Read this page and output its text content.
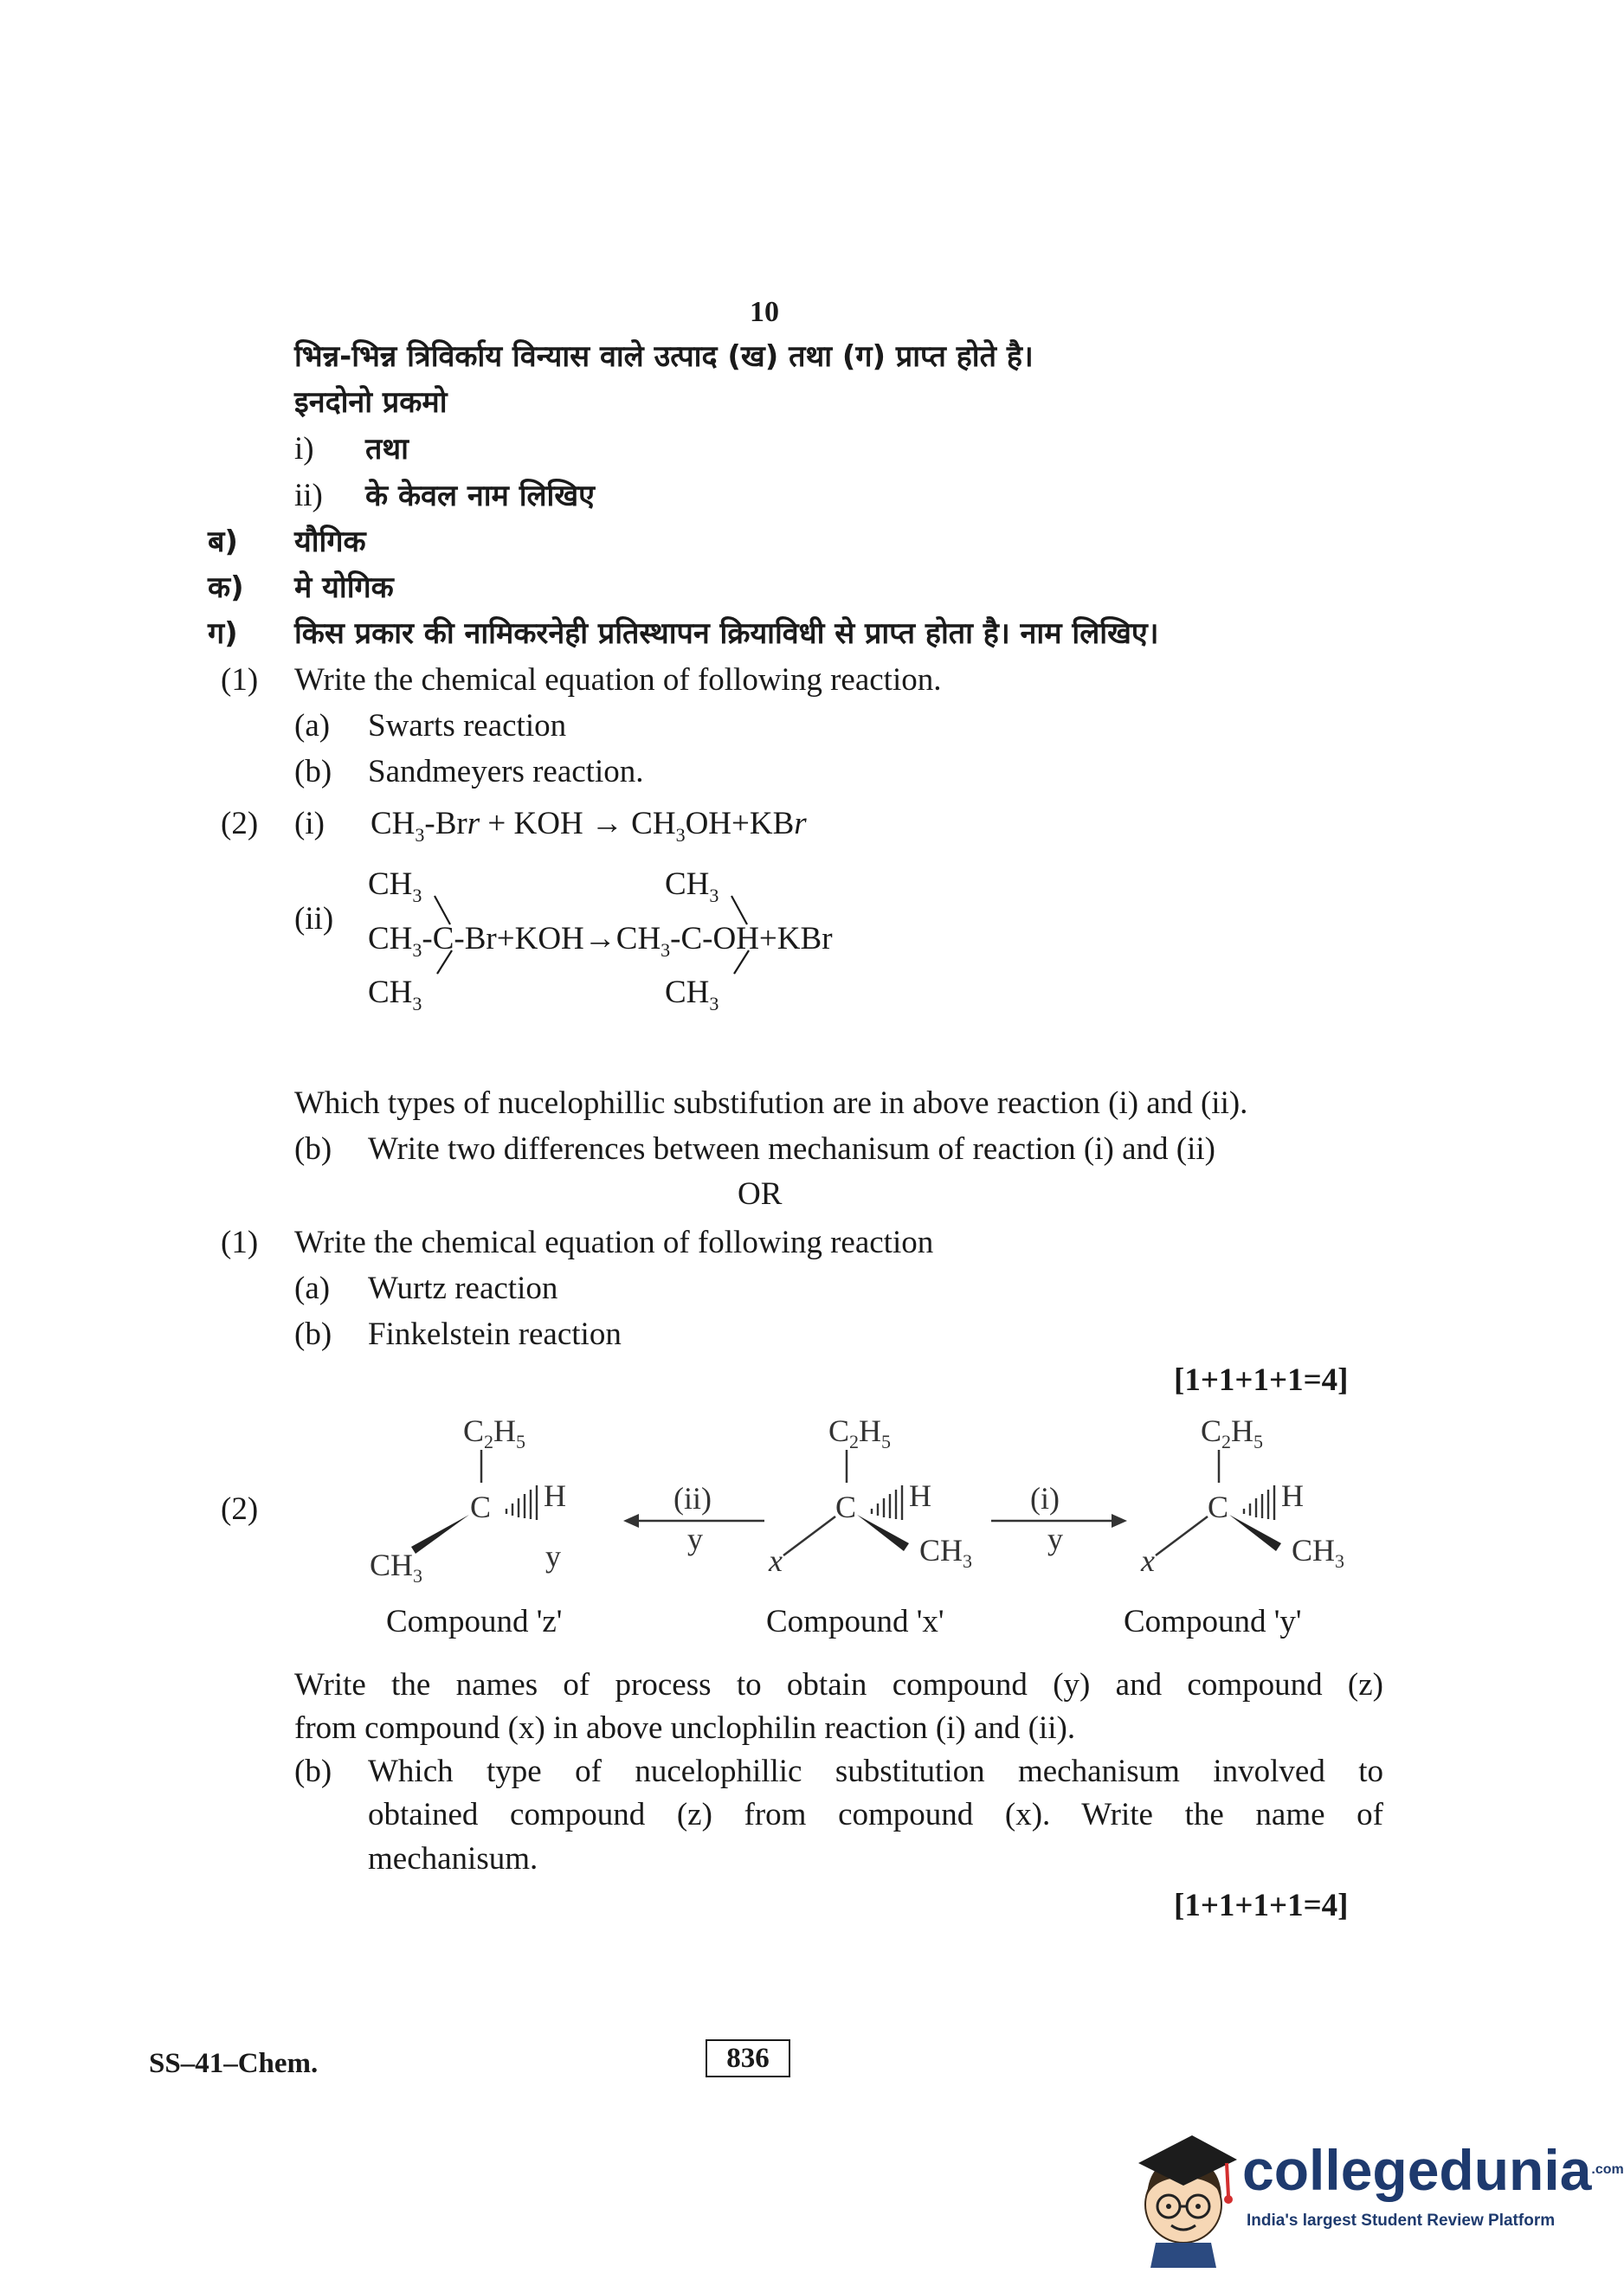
10
भिन्न-भिन्न त्रिविर्काय विन्यास वाले उत्पाद (ख) तथा (ग) प्राप्त होते है।
इनदोनो प्रकमो
i) तथा
ii) के केवल नाम लिखिए
ब) यौगिक
क) मे योगिक
ग) किस प्रकार की नामिकरनेही प्रतिस्थापन क्रियाविधी से प्राप्त होता है। नाम लिखिए।
(1) Write the chemical equation of following reaction.
(a) Swarts reaction
(b) Sandmeyers reaction.
(2) (i) $CH_3$-Brr + KOH → $CH_3OH+KBr$
(ii)
$CH_3$
$CH_3-C-Br+KOH\to CH_3-C-OH+KBr$
$CH_3$
$CH_3$
$CH_3$
Which types of nucelophillic substifution are in above reaction (i) and (ii).
(b) Write two differences between mechanisum of reaction (i) and (ii)
OR
(1) Write the chemical equation of following reaction
(a) Wurtz reaction
(b) Finkelstein reaction
[1+1+1+1=4]
(2)
$C_2H_5$
C H
$CH_3$
y
(ii)
y
$C_2H_5$
C H
x	$CH_3$
(i)
y
$C_2H_5$
C H
x	$CH_3$
Compound 'z'	Compound 'x'	Compound 'y'
Write the names of process to obtain compound (y) and compound (z)
from compound (x) in above unclophilin reaction (i) and (ii).
(b) Which type of nucelophillic substitution mechanisum involved to
obtained compound (z) from compound (x). Write the name of
mechanisum.
[1+1+1+1=4]
SS–41–Chem.	836
collegedunia$^{.com}$
India's largest Student Review Platform
